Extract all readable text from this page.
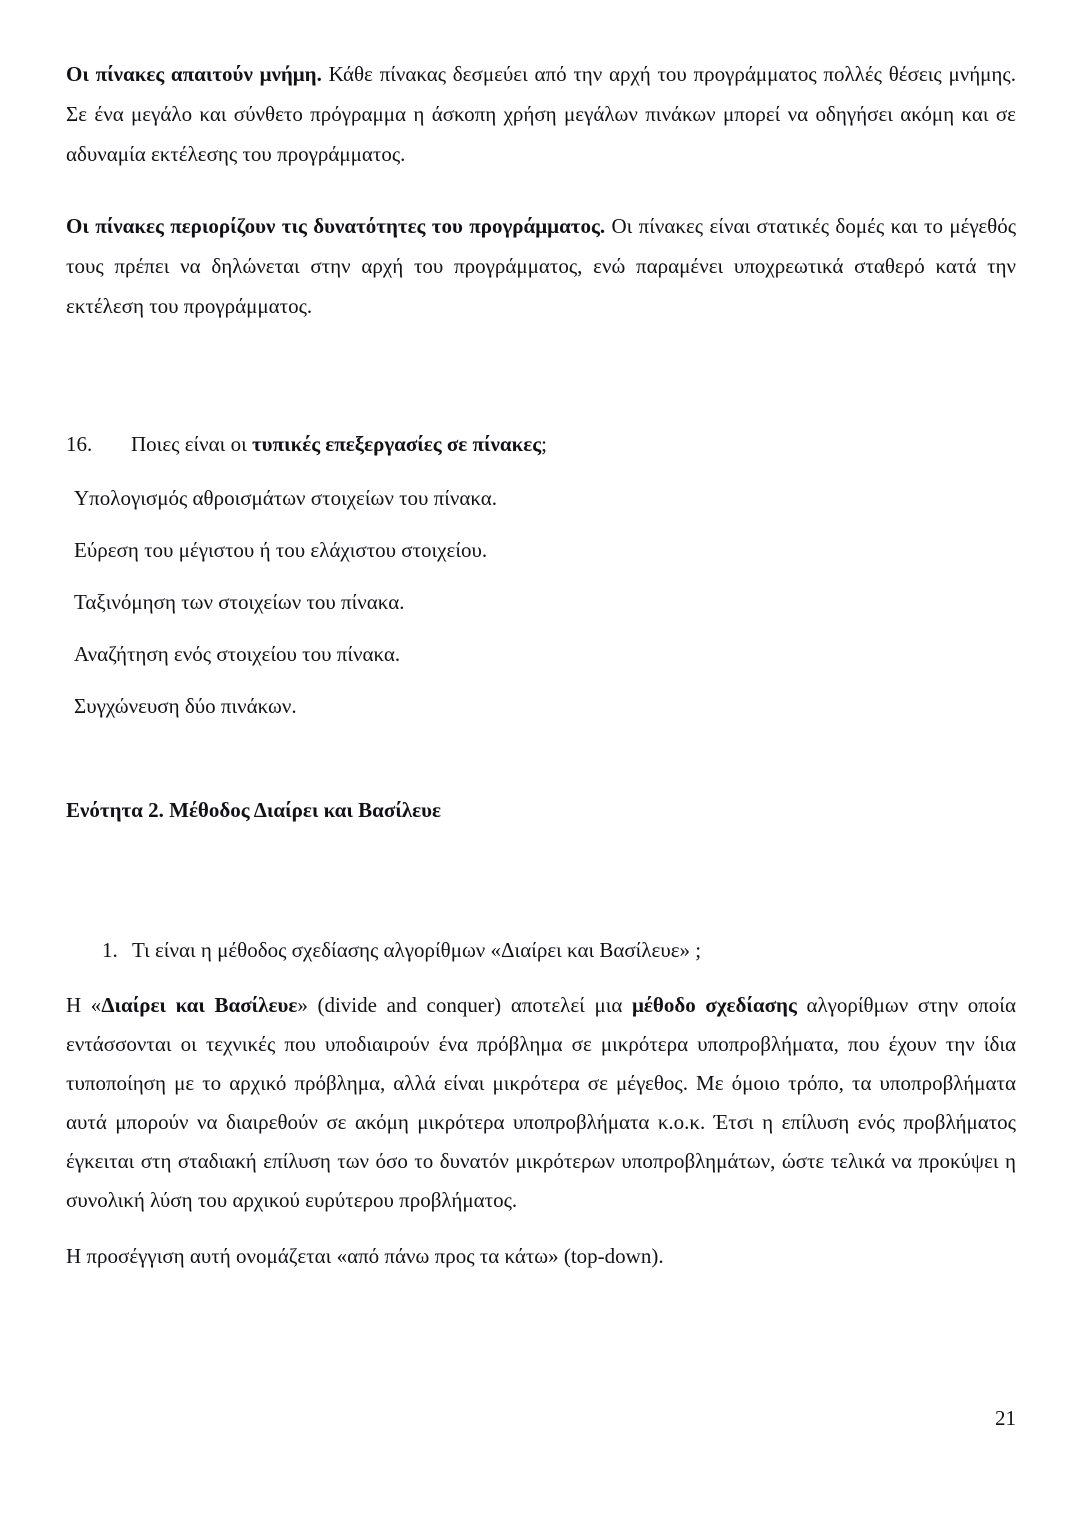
Οι πίνακες απαιτούν μνήμη. Κάθε πίνακας δεσμεύει από την αρχή του προγράμματος πολλές θέσεις μνήμης. Σε ένα μεγάλο και σύνθετο πρόγραμμα η άσκοπη χρήση μεγάλων πινάκων μπορεί να οδηγήσει ακόμη και σε αδυναμία εκτέλεσης του προγράμματος.

Οι πίνακες περιορίζουν τις δυνατότητες του προγράμματος. Οι πίνακες είναι στατικές δομές και το μέγεθός τους πρέπει να δηλώνεται στην αρχή του προγράμματος, ενώ παραμένει υποχρεωτικά σταθερό κατά την εκτέλεση του προγράμματος.

16. Ποιες είναι οι τυπικές επεξεργασίες σε πίνακες;

Υπολογισμός αθροισμάτων στοιχείων του πίνακα.

Εύρεση του μέγιστου ή του ελάχιστου στοιχείου.

Ταξινόμηση των στοιχείων του πίνακα.

Αναζήτηση ενός στοιχείου του πίνακα.

Συγχώνευση δύο πινάκων.

Ενότητα 2. Μέθοδος Διαίρει και Βασίλευε

1. Τι είναι η μέθοδος σχεδίασης αλγορίθμων «Διαίρει και Βασίλευε» ;

Η «Διαίρει και Βασίλευε» (divide and conquer) αποτελεί μια μέθοδο σχεδίασης αλγορίθμων στην οποία εντάσσονται οι τεχνικές που υποδιαιρούν ένα πρόβλημα σε μικρότερα υποπροβλήματα, που έχουν την ίδια τυποποίηση με το αρχικό πρόβλημα, αλλά είναι μικρότερα σε μέγεθος. Με όμοιο τρόπο, τα υποπροβλήματα αυτά μπορούν να διαιρεθούν σε ακόμη μικρότερα υποπροβλήματα κ.ο.κ. Έτσι η επίλυση ενός προβλήματος έγκειται στη σταδιακή επίλυση των όσο το δυνατόν μικρότερων υποπροβλημάτων, ώστε τελικά να προκύψει η συνολική λύση του αρχικού ευρύτερου προβλήματος.

Η προσέγγιση αυτή ονομάζεται «από πάνω προς τα κάτω» (top-down).

21
